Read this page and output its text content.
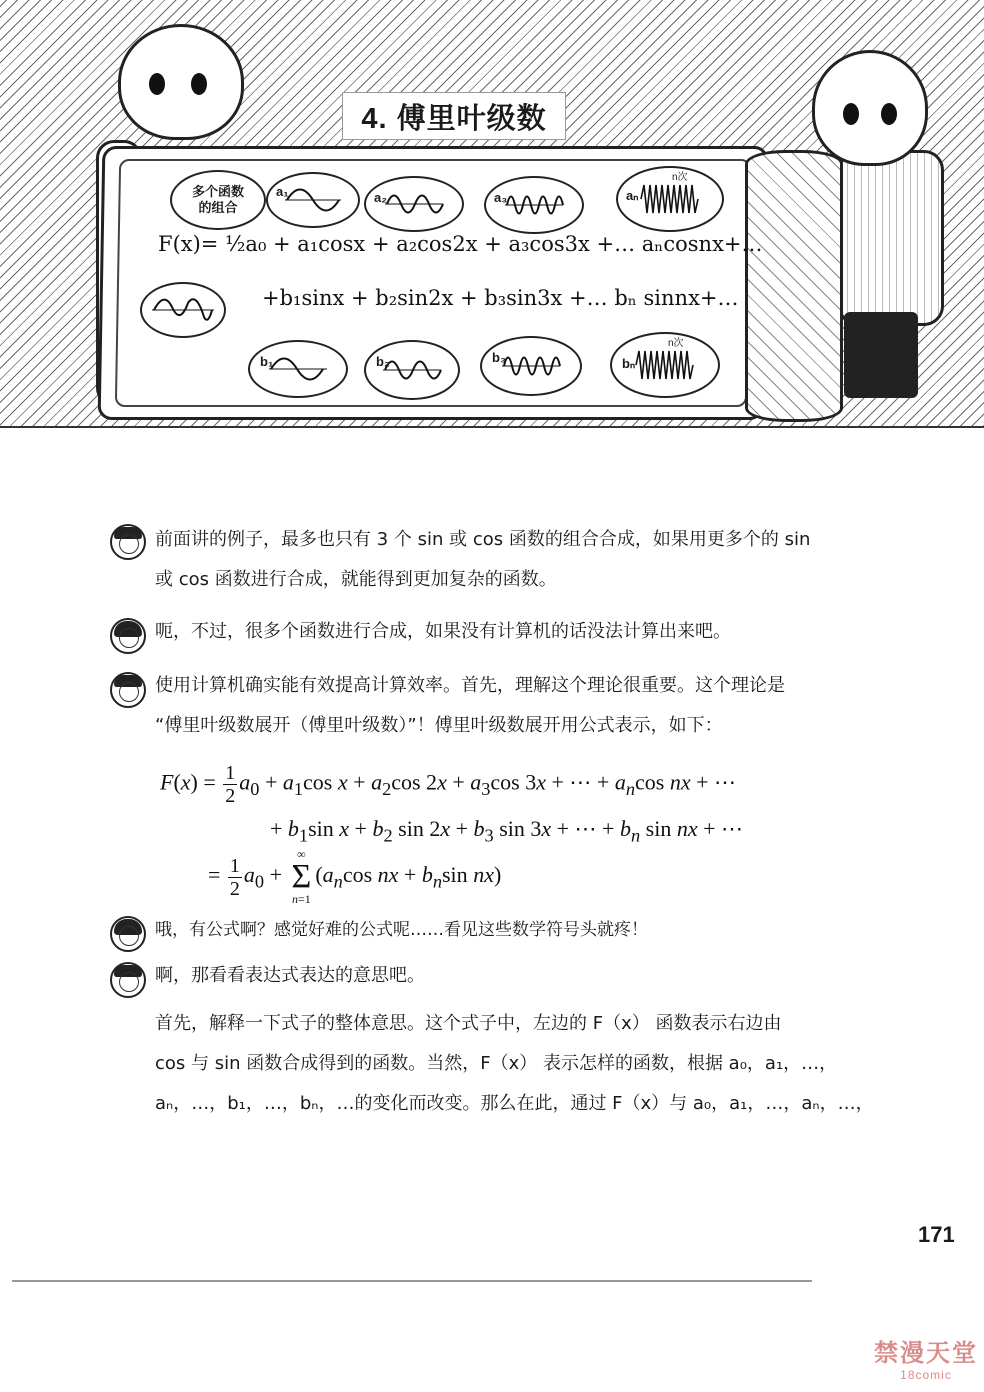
4. 傅里叶级数
多个函数的组合
a₁	a₂	a₃	aₙ
n次
F(x)= ½a₀ + a₁cosx + a₂cos2x + a₃cos3x +… aₙcosnx+…
+b₁sinx + b₂sin2x + b₃sin3x +… bₙ sinnx+…
b₁	b₂	b₃	bₙ
n次
前面讲的例子，最多也只有 3 个 sin 或 cos 函数的组合合成，如果用更多个的 sin
或 cos 函数进行合成，就能得到更加复杂的函数。
呃，不过，很多个函数进行合成，如果没有计算机的话没法计算出来吧。
使用计算机确实能有效提高计算效率。首先，理解这个理论很重要。这个理论是
“傅里叶级数展开（傅里叶级数）”！傅里叶级数展开用公式表示，如下：
$F(x) = \frac{1}{2} a_0 + a_1\cos$ $x + a_2\cos$ $2x + a_3\cos$ 3x + ⋯ + $a_n\cos$ nx + ⋯
+ $b_1\sin$ $x + b_2$ $\sin 2x + b_3$ sin 3x + ⋯ + $b_n$ sin nx + ⋯
= $\frac{1}{2} a_0$ + ∞
Σ
$n=1(a_n\cos$ nx + $b_n\sin$ nx)
哦，有公式啊？感觉好难的公式呢……看见这些数学符号头就疼！
啊，那看看表达式表达的意思吧。
首先，解释一下式子的整体意思。这个式子中，左边的 F（x） 函数表示右边由
cos 与 sin 函数合成得到的函数。当然，F（x） 表示怎样的函数，根据 a₀，a₁，…，
aₙ，…，b₁，…，bₙ，…的变化而改变。那么在此，通过 F（x）与 a₀，a₁，…，aₙ，…，
171
禁漫天堂
18comic
